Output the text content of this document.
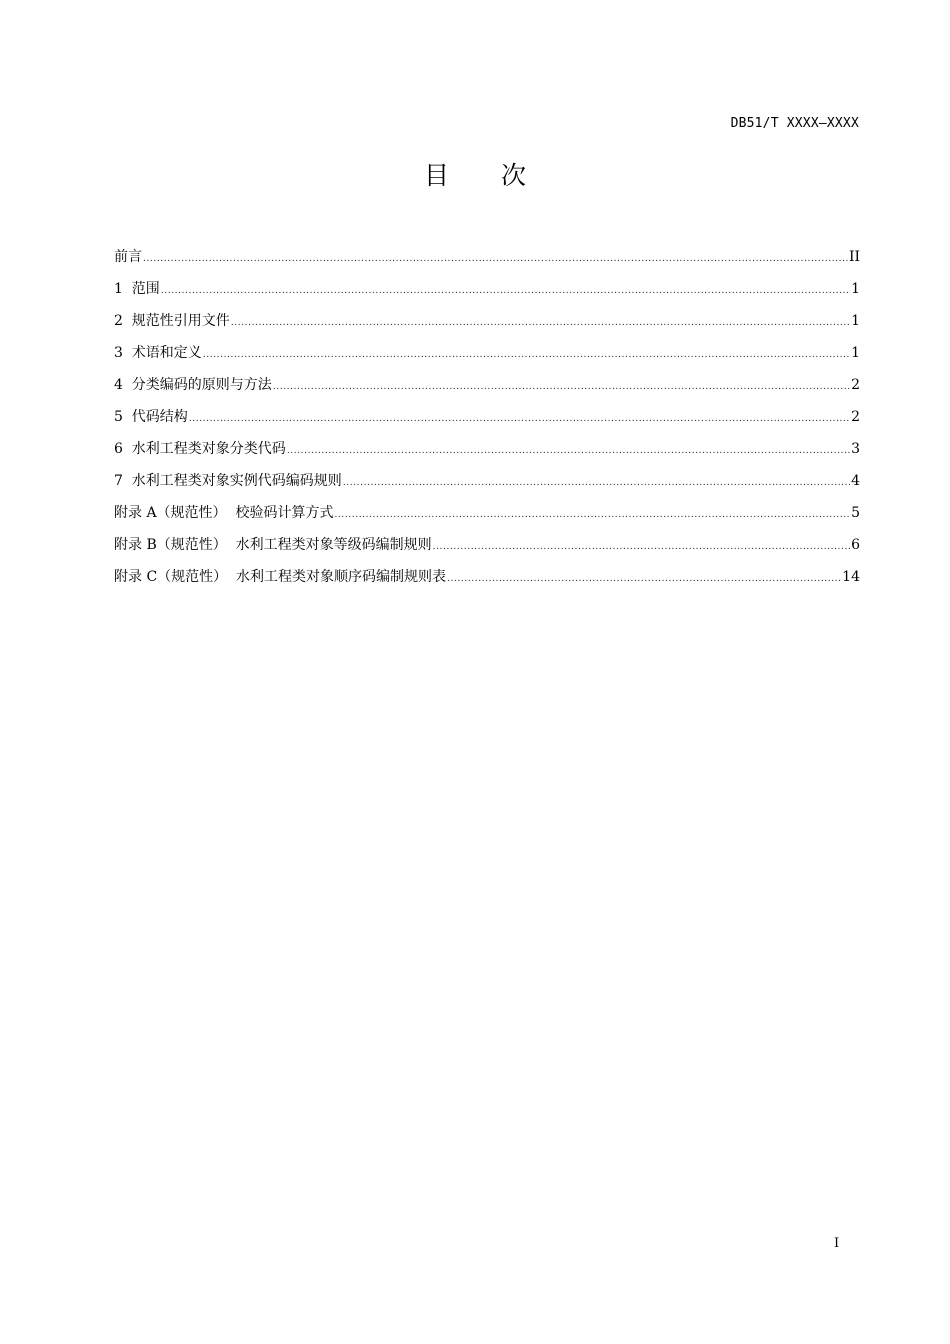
DB51/T XXXX—XXXX
目 次
前言 .....	II
1  范围 .....	1
2  规范性引用文件 .....	1
3  术语和定义 .....	1
4  分类编码的原则与方法 .....	2
5  代码结构 .....	2
6  水利工程类对象分类代码 .....	3
7  水利工程类对象实例代码编码规则 .....	4
附录 A（规范性）  校验码计算方式 .....	5
附录 B（规范性）  水利工程类对象等级码编制规则 .....	6
附录 C（规范性）  水利工程类对象顺序码编制规则表 .....	14
I
